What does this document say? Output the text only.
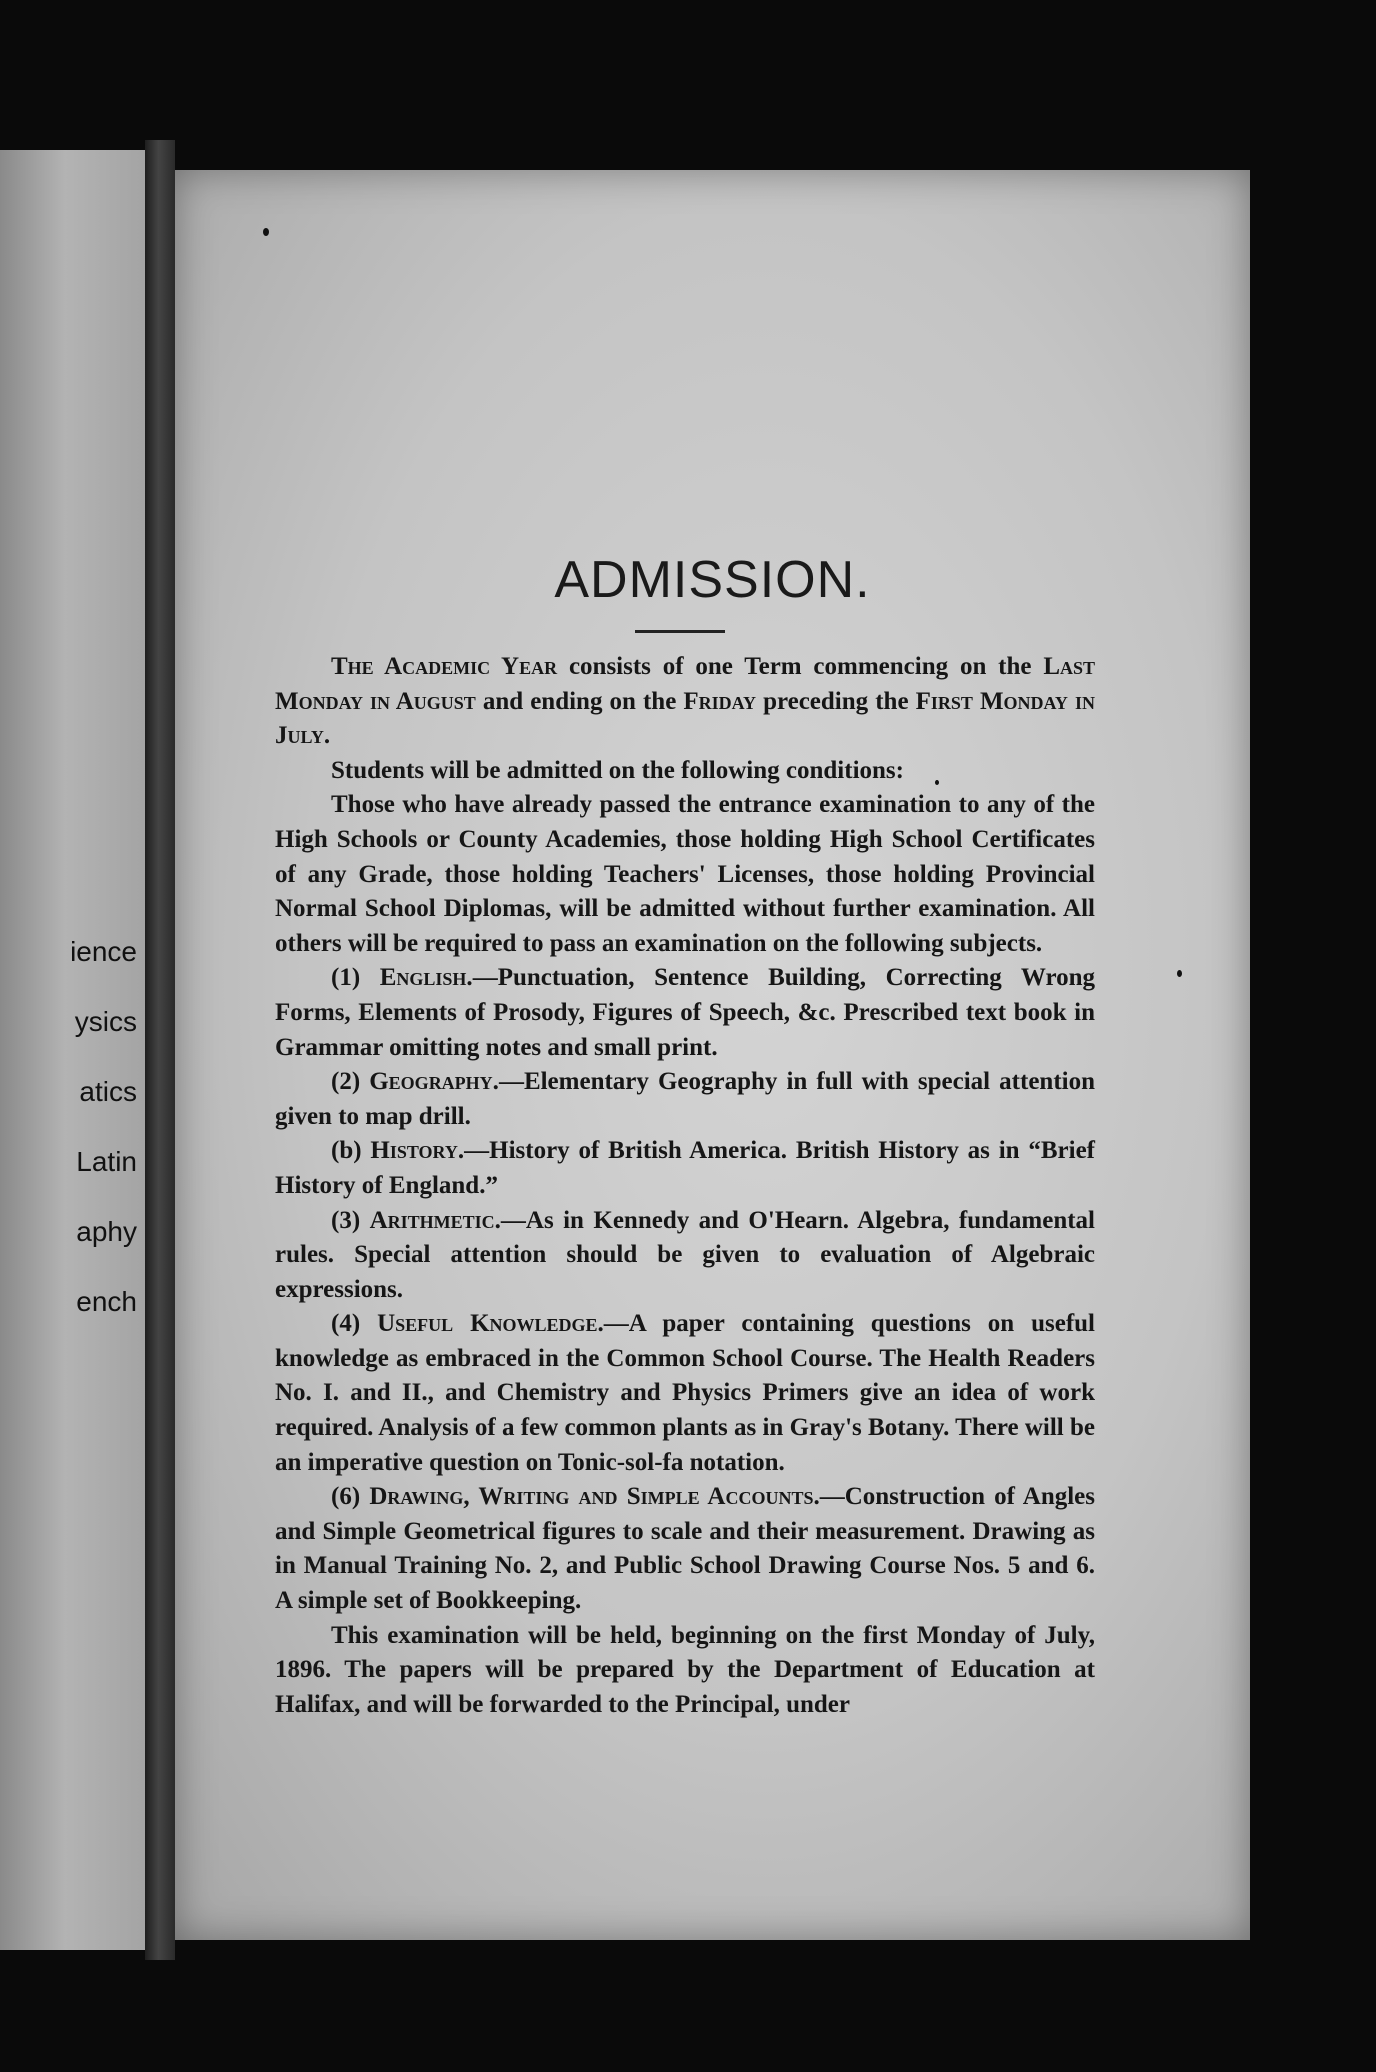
ience
ysics
atics
Latin
aphy
ench
ADMISSION.

The Academic Year consists of one Term commencing on the Last Monday in August and ending on the Friday preceding the First Monday in July.

Students will be admitted on the following conditions:

Those who have already passed the entrance examination to any of the High Schools or County Academies, those holding High School Certificates of any Grade, those holding Teachers' Licenses, those holding Provincial Normal School Diplomas, will be admitted without further examination. All others will be required to pass an examination on the following subjects.

(1) English.—Punctuation, Sentence Building, Correcting Wrong Forms, Elements of Prosody, Figures of Speech, &c. Prescribed text book in Grammar omitting notes and small print.

(2) Geography.—Elementary Geography in full with special attention given to map drill.

(b) History.—History of British America. British History as in “Brief History of England.”

(3) Arithmetic.—As in Kennedy and O'Hearn. Algebra, fundamental rules. Special attention should be given to evaluation of Algebraic expressions.

(4) Useful Knowledge.—A paper containing questions on useful knowledge as embraced in the Common School Course. The Health Readers No. I. and II., and Chemistry and Physics Primers give an idea of work required. Analysis of a few common plants as in Gray's Botany. There will be an imperative question on Tonic-sol-fa notation.

(6) Drawing, Writing and Simple Accounts.—Construction of Angles and Simple Geometrical figures to scale and their measurement. Drawing as in Manual Training No. 2, and Public School Drawing Course Nos. 5 and 6. A simple set of Bookkeeping.

This examination will be held, beginning on the first Monday of July, 1896. The papers will be prepared by the Department of Education at Halifax, and will be forwarded to the Principal, under
